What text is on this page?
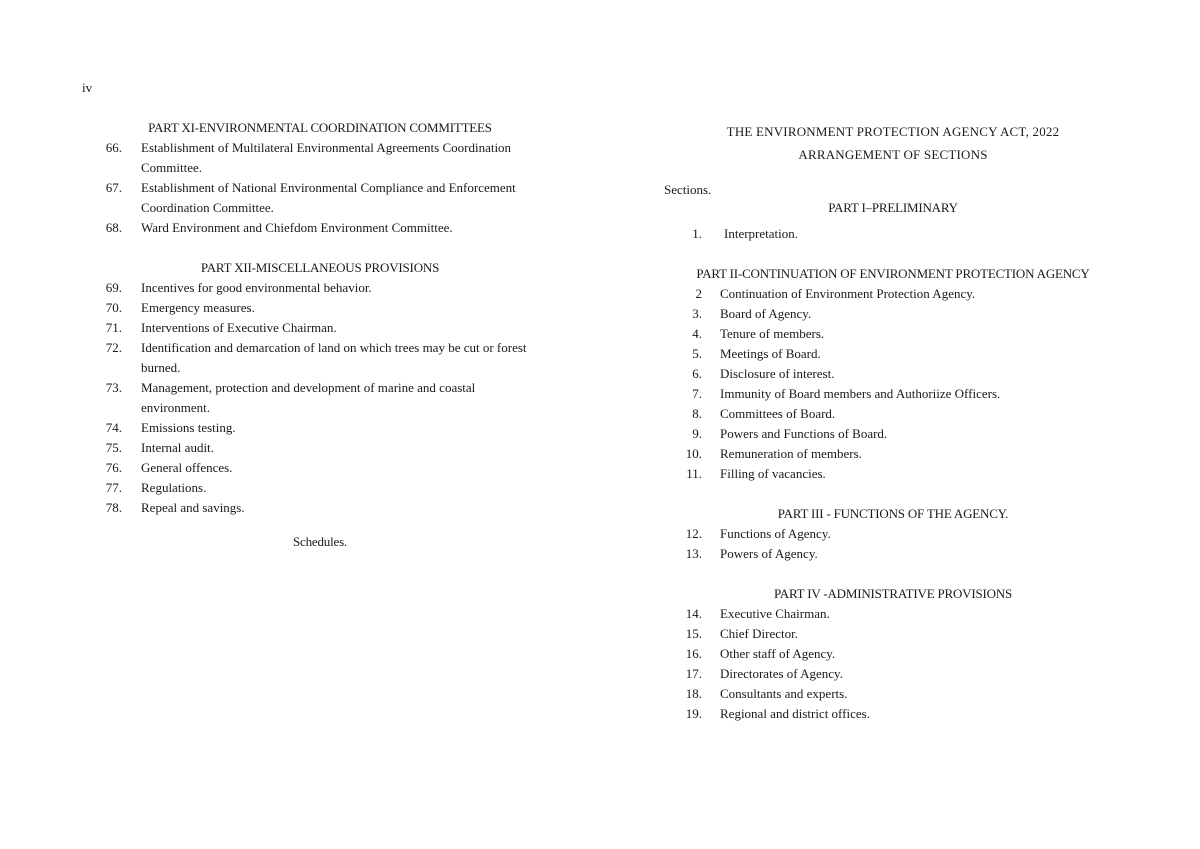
iv
PART XI-ENVIRONMENTAL COORDINATION COMMITTEES
66. Establishment of Multilateral Environmental Agreements Coordination Committee.
67. Establishment of National Environmental Compliance and Enforcement Coordination Committee.
68. Ward Environment and Chiefdom Environment Committee.
PART XII-MISCELLANEOUS PROVISIONS
69. Incentives for good environmental behavior.
70. Emergency measures.
71. Interventions of Executive Chairman.
72. Identification and demarcation of land on which trees may be cut or forest burned.
73. Management, protection and development of marine and coastal environment.
74. Emissions testing.
75. Internal audit.
76. General offences.
77. Regulations.
78. Repeal and savings.
Schedules.
THE ENVIRONMENT PROTECTION AGENCY ACT, 2022
ARRANGEMENT OF SECTIONS
Sections.
PART I–PRELIMINARY
1. Interpretation.
PART II-CONTINUATION OF ENVIRONMENT PROTECTION AGENCY
2 Continuation of Environment Protection Agency.
3. Board of Agency.
4. Tenure of members.
5. Meetings of Board.
6. Disclosure of interest.
7. Immunity of Board members and Authoriize Officers.
8. Committees of Board.
9. Powers and Functions of Board.
10. Remuneration of members.
11. Filling of vacancies.
PART III - FUNCTIONS OF THE AGENCY.
12. Functions of Agency.
13. Powers of Agency.
PART IV -ADMINISTRATIVE PROVISIONS
14. Executive Chairman.
15. Chief Director.
16. Other staff of Agency.
17. Directorates of Agency.
18. Consultants and experts.
19. Regional and district offices.
